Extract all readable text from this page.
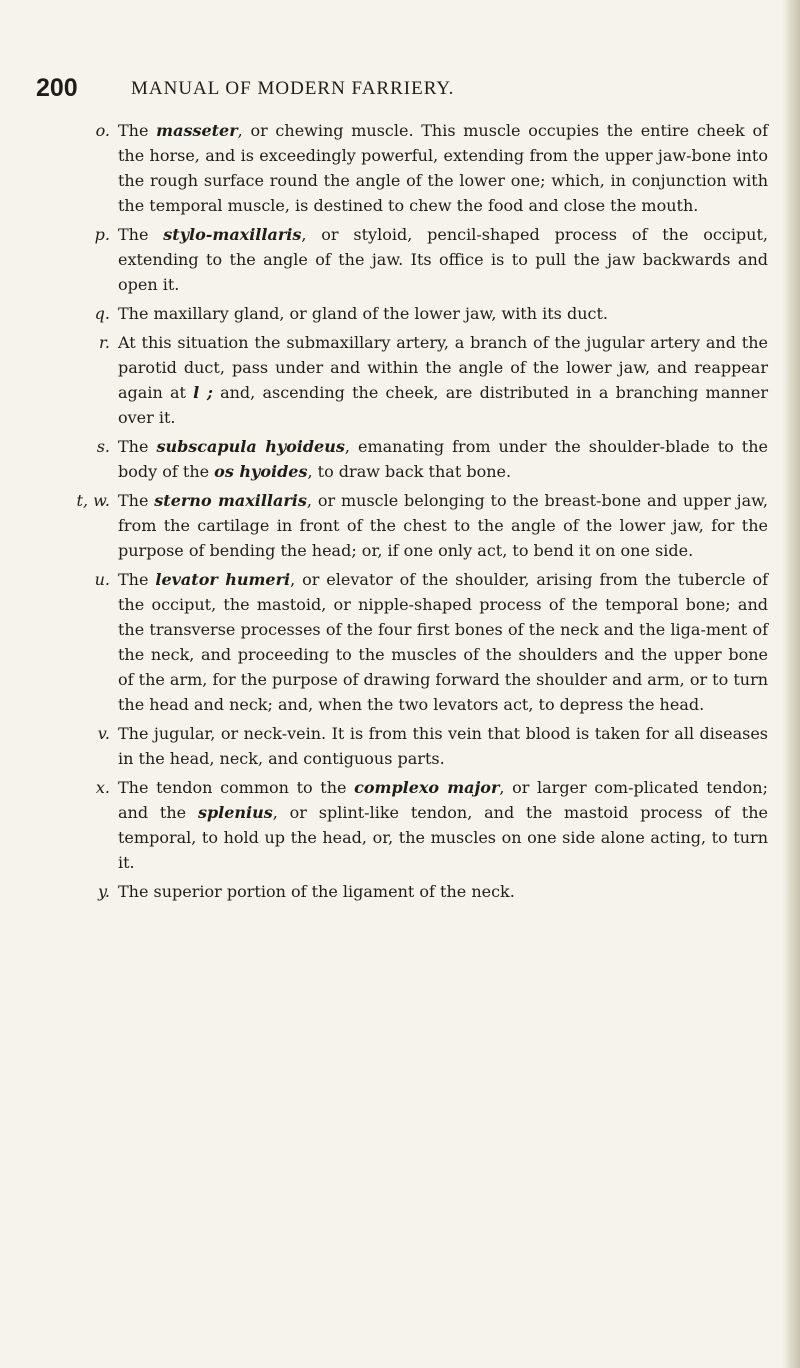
200	MANUAL OF MODERN FARRIERY.
o. The masseter, or chewing muscle. This muscle occupies the entire cheek of the horse, and is exceedingly powerful, extending from the upper jaw-bone into the rough surface round the angle of the lower one; which, in conjunction with the temporal muscle, is destined to chew the food and close the mouth.
p. The stylo-maxillaris, or styloid, pencil-shaped process of the occiput, extending to the angle of the jaw. Its office is to pull the jaw backwards and open it.
q. The maxillary gland, or gland of the lower jaw, with its duct.
r. At this situation the submaxillary artery, a branch of the jugular artery and the parotid duct, pass under and within the angle of the lower jaw, and reappear again at l ; and, ascending the cheek, are distributed in a branching manner over it.
s. The subscapula hyoideus, emanating from under the shoulder-blade to the body of the os hyoides, to draw back that bone.
t, w. The sterno maxillaris, or muscle belonging to the breast-bone and upper jaw, from the cartilage in front of the chest to the angle of the lower jaw, for the purpose of bending the head; or, if one only act, to bend it on one side.
u. The levator humeri, or elevator of the shoulder, arising from the tubercle of the occiput, the mastoid, or nipple-shaped process of the temporal bone; and the transverse processes of the four first bones of the neck and the liga-ment of the neck, and proceeding to the muscles of the shoulders and the upper bone of the arm, for the purpose of drawing forward the shoulder and arm, or to turn the head and neck; and, when the two levators act, to depress the head.
v. The jugular, or neck-vein. It is from this vein that blood is taken for all diseases in the head, neck, and contiguous parts.
x. The tendon common to the complexo major, or larger com-plicated tendon; and the splenius, or splint-like tendon, and the mastoid process of the temporal, to hold up the head, or, the muscles on one side alone acting, to turn it.
y. The superior portion of the ligament of the neck.
